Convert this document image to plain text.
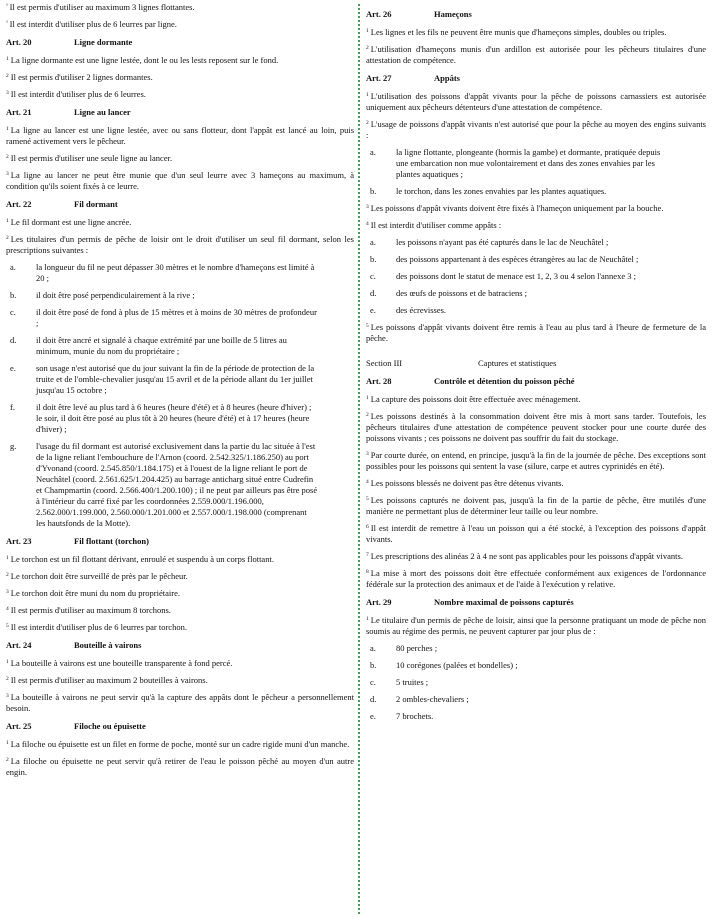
$^{^2}$ Il est permis d'utiliser au maximum 3 lignes flottantes.

$^{^3}$ Il est interdit d'utiliser plus de 6 leurres par ligne.

Art. 20	Ligne dormante

$^1$ La ligne dormante est une ligne lestée, dont le ou les lests reposent sur le fond.

$^2$ Il est permis d'utiliser 2 lignes dormantes.

$^3$ Il est interdit d'utiliser plus de 6 leurres.

Art. 21	Ligne au lancer

$^1$ La ligne au lancer est une ligne lestée, avec ou sans flotteur, dont l'appât est lancé au loin, puis ramené activement vers le pêcheur.

$^2$ Il est permis d'utiliser une seule ligne au lancer.

$^3$ La ligne au lancer ne peut être munie que d'un seul leurre avec 3 hameçons au maximum, à condition qu'ils soient fixés à ce leurre.

Art. 22	Fil dormant

$^1$ Le fil dormant est une ligne ancrée.

$^2$ Les titulaires d'un permis de pêche de loisir ont le droit d'utiliser un seul fil dormant, selon les prescriptions suivantes :

a.	la longueur du fil ne peut dépasser 30 mètres et le nombre d'hameçons est limité à 20 ;
b.	il doit être posé perpendiculairement à la rive ;
c.	il doit être posé de fond à plus de 15 mètres et à moins de 30 mètres de profondeur ;
d.	il doit être ancré et signalé à chaque extrémité par une boille de 5 litres au minimum, munie du nom du propriétaire ;
e.	son usage n'est autorisé que du jour suivant la fin de la période de protection de la truite et de l'omble-chevalier jusqu'au 15 avril et de la période allant du 1er juillet jusqu'au 15 octobre ;
f.	il doit être levé au plus tard à 6 heures (heure d'été) et à 8 heures (heure d'hiver) ; le soir, il doit être posé au plus tôt à 20 heures (heure d'été) et à 17 heures (heure d'hiver) ;
g.	l'usage du fil dormant est autorisé exclusivement dans la partie du lac située à l'est de la ligne reliant l'embouchure de l'Arnon (coord. 2.542.325/1.186.250) au port d'Yvonand (coord. 2.545.850/1.184.175) et à l'ouest de la ligne reliant le port de Neuchâtel (coord. 2.561.625/1.204.425) au barrage anticharg situé entre Cudrefin et Champmartin (coord. 2.566.400/1.200.100) ; il ne peut par ailleurs pas être posé à l'intérieur du carré fixé par les coordonnées 2.559.000/1.196.000, 2.562.000/1.199.000, 2.560.000/1.201.000 et 2.557.000/1.198.000 (comprenant les hautsfonds de la Motte).
Art. 23	Fil flottant (torchon)

$^1$ Le torchon est un fil flottant dérivant, enroulé et suspendu à un corps flottant.

$^2$ Le torchon doit être surveillé de près par le pêcheur.

$^3$ Le torchon doit être muni du nom du propriétaire.

$^4$ Il est permis d'utiliser au maximum 8 torchons.

$^5$ Il est interdit d'utiliser plus de 6 leurres par torchon.

Art. 24	Bouteille à vairons

$^1$ La bouteille à vairons est une bouteille transparente à fond percé.

$^2$ Il est permis d'utiliser au maximum 2 bouteilles à vairons.

$^3$ La bouteille à vairons ne peut servir qu'à la capture des appâts dont le pêcheur a personnellement besoin.

Art. 25	Filoche ou épuisette

$^1$ La filoche ou épuisette est un filet en forme de poche, monté sur un cadre rigide muni d'un manche.

$^2$ La filoche ou épuisette ne peut servir qu'à retirer de l'eau le poisson pêché au moyen d'un autre engin.

Art. 26	Hameçons

$^1$ Les lignes et les fils ne peuvent être munis que d'hameçons simples, doubles ou triples.

$^2$ L'utilisation d'hameçons munis d'un ardillon est autorisée pour les pêcheurs titulaires d'une attestation de compétence.

Art. 27	Appâts

$^1$ L'utilisation des poissons d'appât vivants pour la pêche de poissons carnassiers est autorisée uniquement aux pêcheurs détenteurs d'une attestation de compétence.

$^2$ L'usage de poissons d'appât vivants n'est autorisé que pour la pêche au moyen des engins suivants :

a.	la ligne flottante, plongeante (hormis la gambe) et dormante, pratiquée depuis une embarcation non mue volontairement et dans des zones envahies par les plantes aquatiques ;
b.	le torchon, dans les zones envahies par les plantes aquatiques.

$^3$ Les poissons d'appât vivants doivent être fixés à l'hameçon uniquement par la bouche.

$^4$ Il est interdit d'utiliser comme appâts :

a.	les poissons n'ayant pas été capturés dans le lac de Neuchâtel ;
b.	des poissons appartenant à des espèces étrangères au lac de Neuchâtel ;
c.	des poissons dont le statut de menace est 1, 2, 3 ou 4 selon l'annexe 3 ;
d.	des œufs de poissons et de batraciens ;
e.	des écrevisses.

$^5$ Les poissons d'appât vivants doivent être remis à l'eau au plus tard à l'heure de fermeture de la pêche.

Section III	Captures et statistiques
Art. 28	Contrôle et détention du poisson pêché

$^1$ La capture des poissons doit être effectuée avec ménagement.

$^2$ Les poissons destinés à la consommation doivent être mis à mort sans tarder. Toutefois, les pêcheurs titulaires d'une attestation de compétence peuvent stocker pour une courte durée des poissons vivants ; ces poissons ne doivent pas souffrir du fait du stockage.

$^3$ Par courte durée, on entend, en principe, jusqu'à la fin de la journée de pêche. Des exceptions sont possibles pour les poissons qui sentent la vase (silure, carpe et autres cyprinidés en été).

$^4$ Les poissons blessés ne doivent pas être détenus vivants.

$^5$ Les poissons capturés ne doivent pas, jusqu'à la fin de la partie de pêche, être mutilés d'une manière ne permettant plus de déterminer leur taille ou leur nombre.

$^6$ Il est interdit de remettre à l'eau un poisson qui a été stocké, à l'exception des poissons d'appât vivants.

$^7$ Les prescriptions des alinéas 2 à 4 ne sont pas applicables pour les poissons d'appât vivants.

$^8$ La mise à mort des poissons doit être effectuée conformément aux exigences de l'ordonnance fédérale sur la protection des animaux et de l'aide à l'exécution y relative.

Art. 29	Nombre maximal de poissons capturés

$^1$ Le titulaire d'un permis de pêche de loisir, ainsi que la personne pratiquant un mode de pêche non soumis au régime des permis, ne peuvent capturer par jour plus de :

a.	80 perches ;
b.	10 corégones (palées et bondelles) ;
c.	5 truites ;
d.	2 ombles-chevaliers ;
e.	7 brochets.
